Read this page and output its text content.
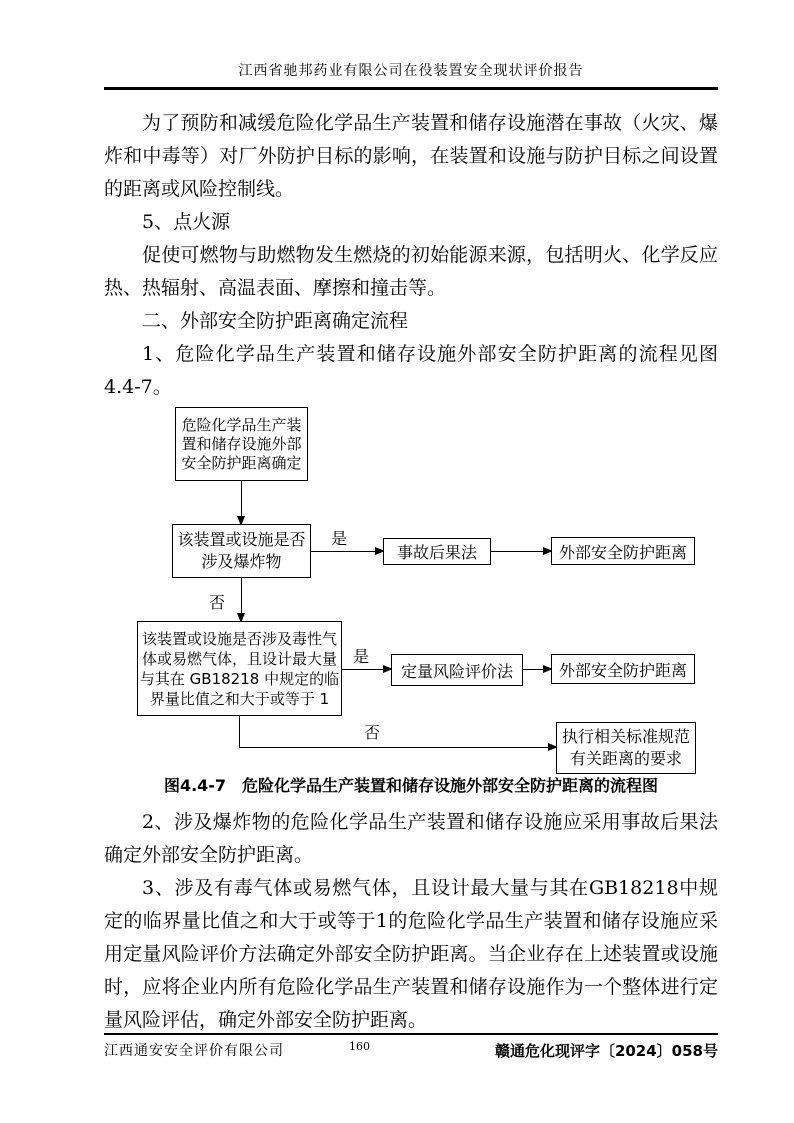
江西省驰邦药业有限公司在役装置安全现状评价报告

为了预防和减缓危险化学品生产装置和储存设施潜在事故（火灾、爆炸和中毒等）对厂外防护目标的影响，在装置和设施与防护目标之间设置的距离或风险控制线。

5、点火源

促使可燃物与助燃物发生燃烧的初始能源来源，包括明火、化学反应热、热辐射、高温表面、摩擦和撞击等。

二、外部安全防护距离确定流程

1、危险化学品生产装置和储存设施外部安全防护距离的流程见图4.4-7。

危险化学品生产装置和储存设施外部安全防护距离确定
该装置或设施是否涉及爆炸物
是
事故后果法	外部安全防护距离
否
该装置或设施是否涉及毒性气体或易燃气体，且设计最大量与其在 GB18218 中规定的临界量比值之和大于或等于 1
是
定量风险评价法	外部安全防护距离
否	执行相关标准规范有关距离的要求
图4.4-7　危险化学品生产装置和储存设施外部安全防护距离的流程图

2、涉及爆炸物的危险化学品生产装置和储存设施应采用事故后果法确定外部安全防护距离。

3、涉及有毒气体或易燃气体，且设计最大量与其在GB18218中规定的临界量比值之和大于或等于1的危险化学品生产装置和储存设施应采用定量风险评价方法确定外部安全防护距离。当企业存在上述装置或设施时，应将企业内所有危险化学品生产装置和储存设施作为一个整体进行定量风险评估，确定外部安全防护距离。

江西通安安全评价有限公司	160	赣通危化现评字〔2024〕058号
